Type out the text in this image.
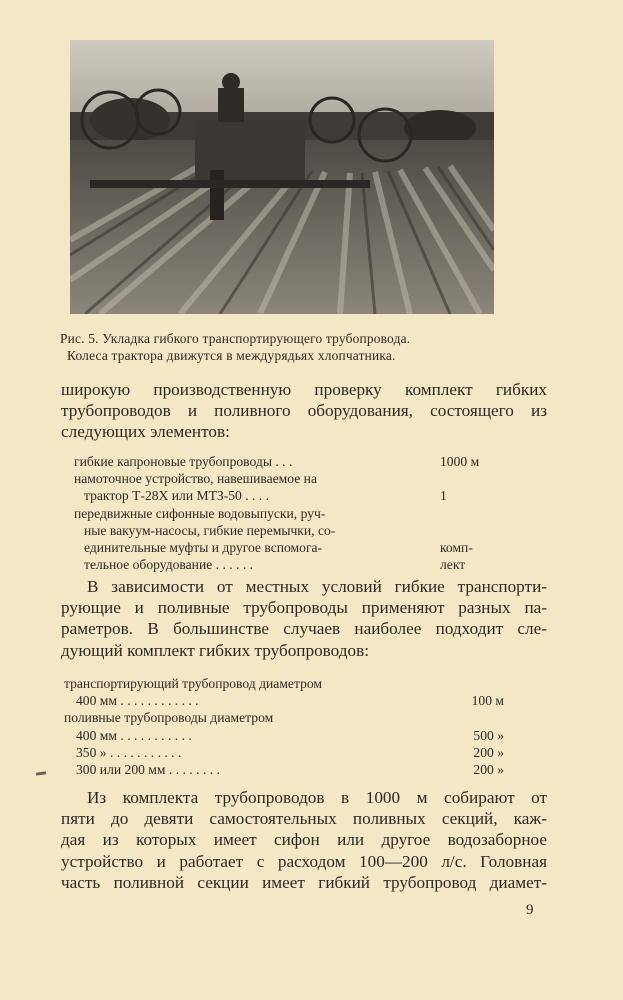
Рис. 5. Укладка гибкого транспортирующего трубопровода.
Колеса трактора движутся в междурядьях хлопчатника.
широкую производственную проверку комплект гибких
трубопроводов и поливного оборудования, состоящего из
следующих элементов:
гибкие капроновые трубопроводы . . .	1000 м
намоточное устройство, навешиваемое на
трактор Т-28Х или МТЗ-50 . . . .	1
передвижные сифонные водовыпуски, руч-
ные вакуум-насосы, гибкие перемычки, со-
единительные муфты и другое вспомога-	комп-
тельное оборудование . . . . . .	лект
В зависимости от местных условий гибкие транспорти-
рующие и поливные трубопроводы применяют разных па-
раметров. В большинстве случаев наиболее подходит сле-
дующий комплект гибких трубопроводов:
транспортирующий трубопровод диаметром
400 мм . . . . . . . . . . . .	100 м
поливные трубопроводы диаметром
400 мм . . . . . . . . . . .	500 »
350 » . . . . . . . . . . .	200 »
300 или 200 мм . . . . . . . .	200 »
Из комплекта трубопроводов в 1000 м собирают от
пяти до девяти самостоятельных поливных секций, каж-
дая из которых имеет сифон или другое водозаборное
устройство и работает с расходом 100—200 л/с. Головная
часть поливной секции имеет гибкий трубопровод диамет-
9
